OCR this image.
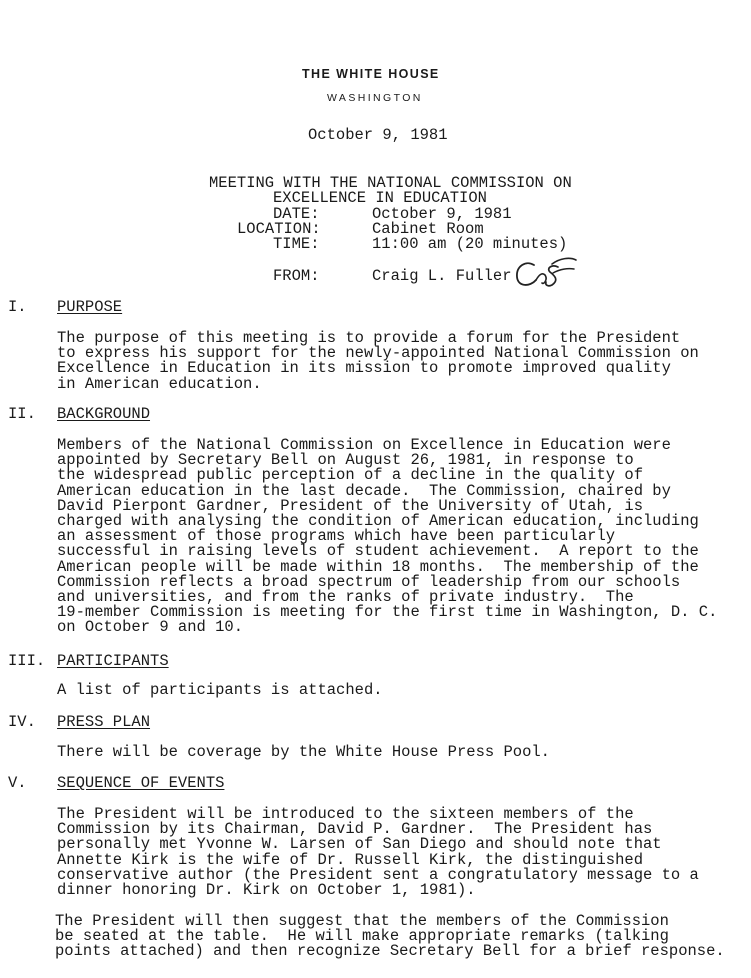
THE WHITE HOUSE
WASHINGTON
October 9, 1981
MEETING WITH THE NATIONAL COMMISSION ON
EXCELLENCE IN EDUCATION
DATE:	October 9, 1981
LOCATION:	Cabinet Room
TIME:	11:00 am (20 minutes)
FROM:	Craig L. Fuller
I. PURPOSE
The purpose of this meeting is to provide a forum for the President
to express his support for the newly-appointed National Commission on
Excellence in Education in its mission to promote improved quality
in American education.
II. BACKGROUND
Members of the National Commission on Excellence in Education were
appointed by Secretary Bell on August 26, 1981, in response to
the widespread public perception of a decline in the quality of
American education in the last decade.  The Commission, chaired by
David Pierpont Gardner, President of the University of Utah, is
charged with analysing the condition of American education, including
an assessment of those programs which have been particularly
successful in raising levels of student achievement.  A report to the
American people will be made within 18 months.  The membership of the
Commission reflects a broad spectrum of leadership from our schools
and universities, and from the ranks of private industry.  The
19-member Commission is meeting for the first time in Washington, D. C.
on October 9 and 10.
III. PARTICIPANTS
A list of participants is attached.
IV. PRESS PLAN
There will be coverage by the White House Press Pool.
V. SEQUENCE OF EVENTS
The President will be introduced to the sixteen members of the
Commission by its Chairman, David P. Gardner.  The President has
personally met Yvonne W. Larsen of San Diego and should note that
Annette Kirk is the wife of Dr. Russell Kirk, the distinguished
conservative author (the President sent a congratulatory message to a
dinner honoring Dr. Kirk on October 1, 1981).
The President will then suggest that the members of the Commission
be seated at the table.  He will make appropriate remarks (talking
points attached) and then recognize Secretary Bell for a brief response.
